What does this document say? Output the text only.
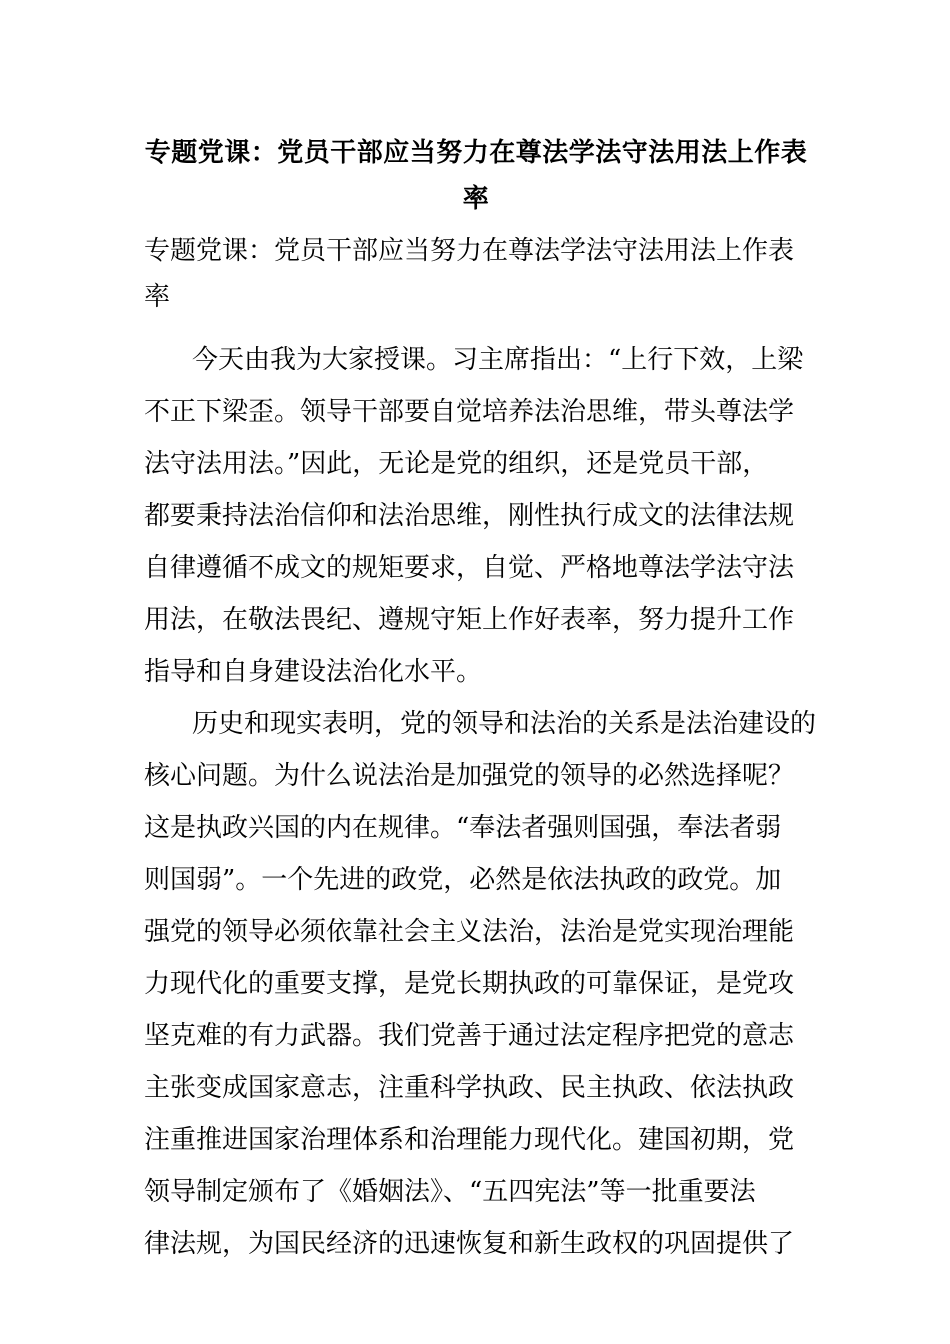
专题党课：党员干部应当努力在尊法学法守法用法上作表
率
专题党课：党员干部应当努力在尊法学法守法用法上作表
率
今天由我为大家授课。习主席指出：“上行下效，上梁
不正下梁歪。领导干部要自觉培养法治思维，带头尊法学
法守法用法。”因此，无论是党的组织，还是党员干部，
都要秉持法治信仰和法治思维，刚性执行成文的法律法规
自律遵循不成文的规矩要求，自觉、严格地尊法学法守法
用法，在敬法畏纪、遵规守矩上作好表率，努力提升工作
指导和自身建设法治化水平。
历史和现实表明，党的领导和法治的关系是法治建设的
核心问题。为什么说法治是加强党的领导的必然选择呢？
这是执政兴国的内在规律。“奉法者强则国强，奉法者弱
则国弱”。一个先进的政党，必然是依法执政的政党。加
强党的领导必须依靠社会主义法治，法治是党实现治理能
力现代化的重要支撑，是党长期执政的可靠保证，是党攻
坚克难的有力武器。我们党善于通过法定程序把党的意志
主张变成国家意志，注重科学执政、民主执政、依法执政
注重推进国家治理体系和治理能力现代化。建国初期，党
领导制定颁布了《婚姻法》、“五四宪法”等一批重要法
律法规，为国民经济的迅速恢复和新生政权的巩固提供了
